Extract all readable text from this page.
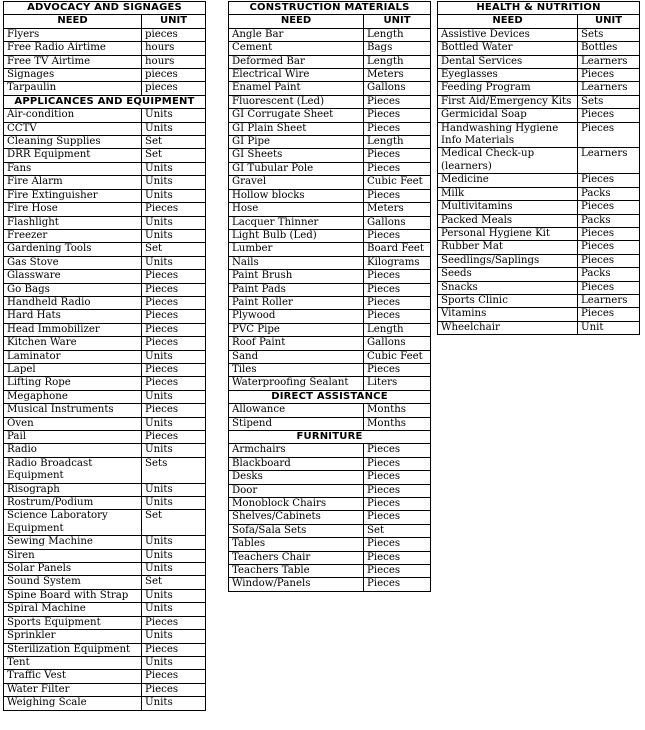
ADVOCACY AND SIGNAGES	
NEED	UNIT
Flyers	pieces
Free Radio Airtime	hours
Free TV Airtime	hours
Signages	pieces
Tarpaulin	pieces
APPLICANCES AND EQUIPMENT	
Air-condition	Units
CCTV	Units
Cleaning Supplies	Set
DRR Equipment	Set
Fans	Units
Fire Alarm	Units
Fire Extinguisher	Units
Fire Hose	Pieces
Flashlight	Units
Freezer	Units
Gardening Tools	Set
Gas Stove	Units
Glassware	Pieces
Go Bags	Pieces
Handheld Radio	Pieces
Hard Hats	Pieces
Head Immobilizer	Pieces
Kitchen Ware	Pieces
Laminator	Units
Lapel	Pieces
Lifting Rope	Pieces
Megaphone	Units
Musical Instruments	Pieces
Oven	Units
Pail	Pieces
Radio	Units
Radio Broadcast Equipment	Sets
Risograph	Units
Rostrum/Podium	Units
Science Laboratory Equipment	Set
Sewing Machine	Units
Siren	Units
Solar Panels	Units
Sound System	Set
Spine Board with Strap	Units
Spiral Machine	Units
Sports Equipment	Pieces
Sprinkler	Units
Sterilization Equipment	Pieces
Tent	Units
Traffic Vest	Pieces
Water Filter	Pieces
Weighing Scale	Units
CONSTRUCTION MATERIALS	
NEED	UNIT
Angle Bar	Length
Cement	Bags
Deformed Bar	Length
Electrical Wire	Meters
Enamel Paint	Gallons
Fluorescent (Led)	Pieces
GI Corrugate Sheet	Pieces
GI Plain Sheet	Pieces
GI Pipe	Length
GI Sheets	Pieces
GI Tubular Pole	Pieces
Gravel	Cubic Feet
Hollow blocks	Pieces
Hose	Meters
Lacquer Thinner	Gallons
Light Bulb (Led)	Pieces
Lumber	Board Feet
Nails	Kilograms
Paint Brush	Pieces
Paint Pads	Pieces
Paint Roller	Pieces
Plywood	Pieces
PVC Pipe	Length
Roof Paint	Gallons
Sand	Cubic Feet
Tiles	Pieces
Waterproofing Sealant	Liters
DIRECT ASSISTANCE	
Allowance	Months
Stipend	Months
FURNITURE	
Armchairs	Pieces
Blackboard	Pieces
Desks	Pieces
Door	Pieces
Monoblock Chairs	Pieces
Shelves/Cabinets	Pieces
Sofa/Sala Sets	Set
Tables	Pieces
Teachers Chair	Pieces
Teachers Table	Pieces
Window/Panels	Pieces
HEALTH & NUTRITION	
NEED	UNIT
Assistive Devices	Sets
Bottled Water	Bottles
Dental Services	Learners
Eyeglasses	Pieces
Feeding Program	Learners
First Aid/Emergency Kits	Sets
Germicidal Soap	Pieces
Handwashing Hygiene Info Materials	Pieces
Medical Check-up (learners)	Learners
Medicine	Pieces
Milk	Packs
Multivitamins	Pieces
Packed Meals	Packs
Personal Hygiene Kit	Pieces
Rubber Mat	Pieces
Seedlings/Saplings	Pieces
Seeds	Packs
Snacks	Pieces
Sports Clinic	Learners
Vitamins	Pieces
Wheelchair	Unit
